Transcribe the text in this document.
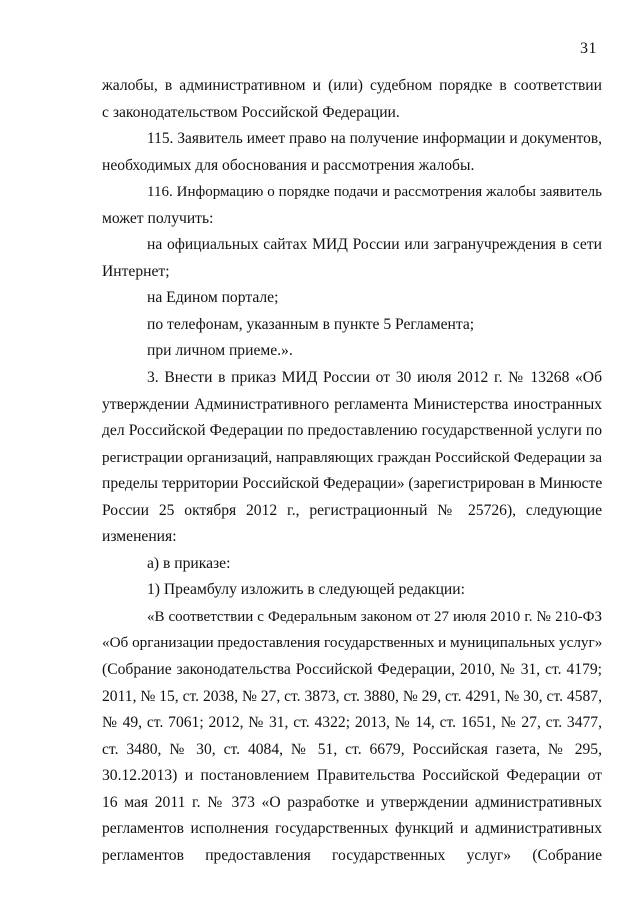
31
жалобы, в административном и (или) судебном порядке в соответствии
с законодательством Российской Федерации.
115. Заявитель имеет право на получение информации и документов,
необходимых для обоснования и рассмотрения жалобы.
116. Информацию о порядке подачи и рассмотрения жалобы заявитель
может получить:
на официальных сайтах МИД России или загранучреждения в сети
Интернет;
на Едином портале;
по телефонам, указанным в пункте 5 Регламента;
при личном приеме.».
3. Внести в приказ МИД России от 30 июля 2012 г. № 13268 «Об
утверждении Административного регламента Министерства иностранных
дел Российской Федерации по предоставлению государственной услуги по
регистрации организаций, направляющих граждан Российской Федерации за
пределы территории Российской Федерации» (зарегистрирован в Минюсте
России 25 октября 2012 г., регистрационный № 25726), следующие
изменения:
а) в приказе:
1) Преамбулу изложить в следующей редакции:
«В соответствии с Федеральным законом от 27 июля 2010 г. № 210-ФЗ
«Об организации предоставления государственных и муниципальных услуг»
(Собрание законодательства Российской Федерации, 2010, № 31, ст. 4179;
2011, № 15, ст. 2038, № 27, ст. 3873, ст. 3880, № 29, ст. 4291, № 30, ст. 4587,
№ 49, ст. 7061; 2012, № 31, ст. 4322; 2013, № 14, ст. 1651, № 27, ст. 3477,
ст. 3480, № 30, ст. 4084, № 51, ст. 6679, Российская газета, № 295,
30.12.2013) и постановлением Правительства Российской Федерации от
16 мая 2011 г. № 373 «О разработке и утверждении административных
регламентов исполнения государственных функций и административных
регламентов предоставления государственных услуг» (Собрание
